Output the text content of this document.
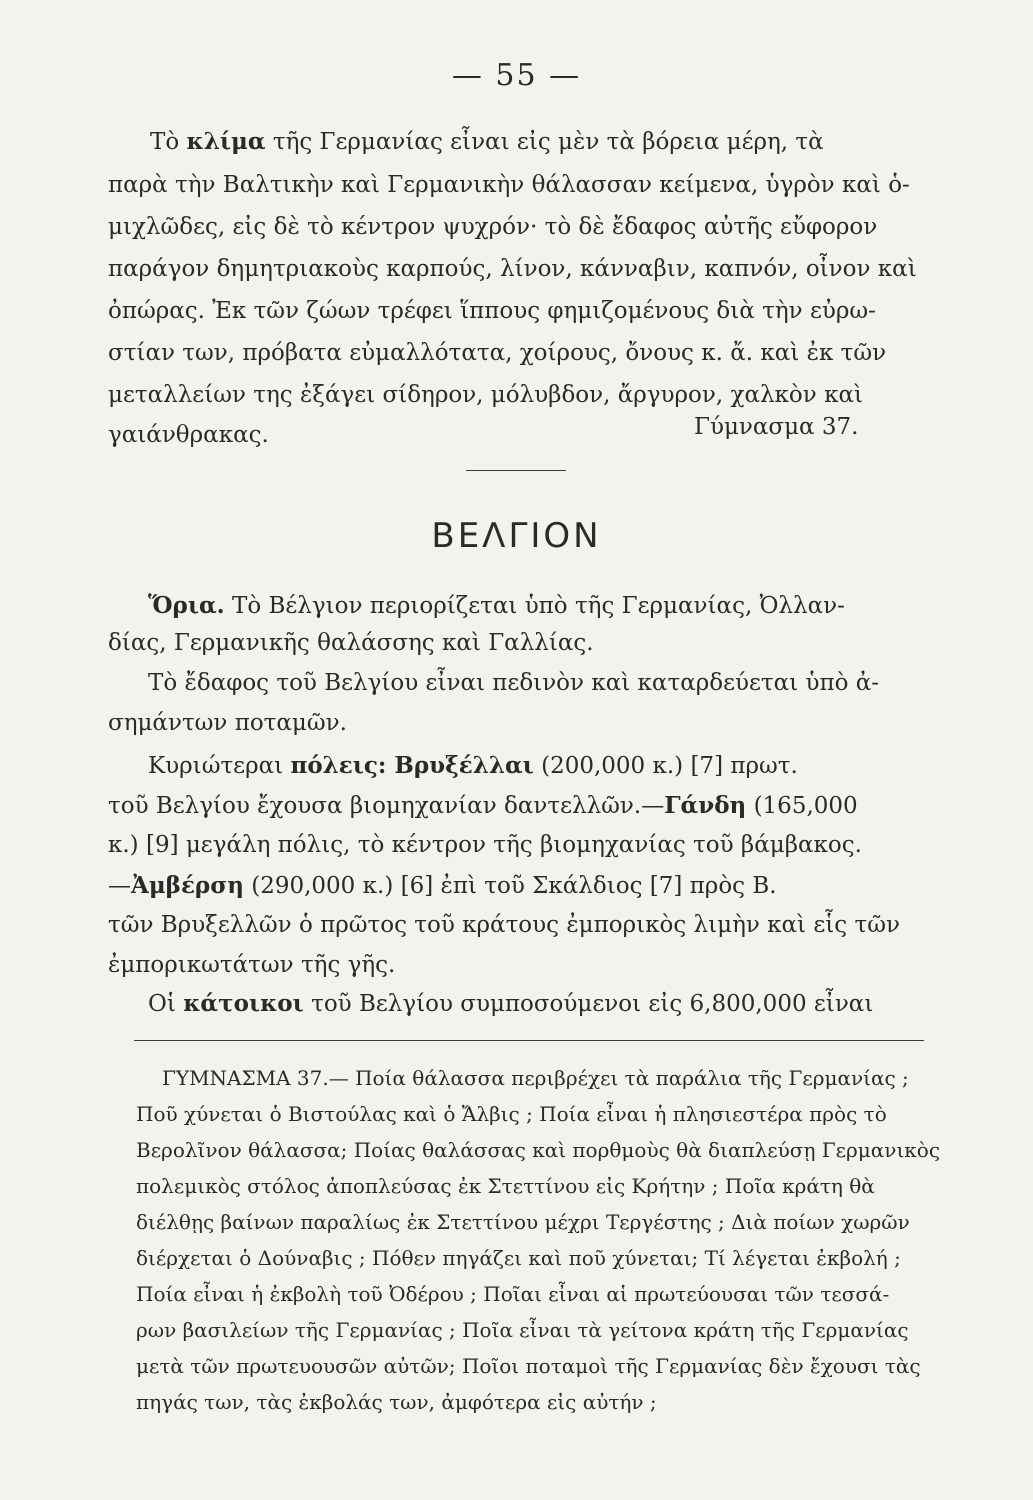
— 55 —
Τὸ κλίμα τῆς Γερμανίας εἶναι εἰς μὲν τὰ βόρεια μέρη, τὰ
παρὰ τὴν Βαλτικὴν καὶ Γερμανικὴν θάλασσαν κείμενα, ὑγρὸν καὶ ὁ-
μιχλῶδες, εἰς δὲ τὸ κέντρον ψυχρόν· τὸ δὲ ἔδαφος αὐτῆς εὔφορον
παράγον δημητριακοὺς καρπούς, λίνον, κάνναβιν, καπνόν, οἶνον καὶ
ὀπώρας. Ἐκ τῶν ζώων τρέφει ἵππους φημιζομένους διὰ τὴν εὐρω-
στίαν των, πρόβατα εὐμαλλότατα, χοίρους, ὄνους κ. ἄ. καὶ ἐκ τῶν
μεταλλείων της ἐξάγει σίδηρον, μόλυβδον, ἄργυρον, χαλκὸν καὶ
γαιάνθρακας.	Γύμνασμα 37.
ΒΕΛΓΙΟΝ
Ὅρια. Τὸ Βέλγιον περιορίζεται ὑπὸ τῆς Γερμανίας, Ὀλλαν-
δίας, Γερμανικῆς θαλάσσης καὶ Γαλλίας.
Τὸ ἔδαφος τοῦ Βελγίου εἶναι πεδινὸν καὶ καταρδεύεται ὑπὸ ἀ-
σημάντων ποταμῶν.
Κυριώτεραι πόλεις: Βρυξέλλαι (200,000 κ.) [7] πρωτ.
τοῦ Βελγίου ἔχουσα βιομηχανίαν δαντελλῶν.—Γάνδη (165,000
κ.) [9] μεγάλη πόλις, τὸ κέντρον τῆς βιομηχανίας τοῦ βάμβακος.
—Ἀμβέρση (290,000 κ.) [6] ἐπὶ τοῦ Σκάλδιος [7] πρὸς Β.
τῶν Βρυξελλῶν ὁ πρῶτος τοῦ κράτους ἐμπορικὸς λιμὴν καὶ εἷς τῶν
ἐμπορικωτάτων τῆς γῆς.
Οἱ κάτοικοι τοῦ Βελγίου συμποσούμενοι εἰς 6,800,000 εἶναι
ΓΥΜΝΑΣΜΑ 37.— Ποία θάλασσα περιβρέχει τὰ παράλια τῆς Γερμανίας ;
Ποῦ χύνεται ὁ Βιστούλας καὶ ὁ Ἄλβις ; Ποία εἶναι ἡ πλησιεστέρα πρὸς τὸ
Βερολῖνον θάλασσα; Ποίας θαλάσσας καὶ πορθμοὺς θὰ διαπλεύσῃ Γερμανικὸς
πολεμικὸς στόλος ἀποπλεύσας ἐκ Στεττίνου εἰς Κρήτην ; Ποῖα κράτη θὰ
διέλθῃς βαίνων παραλίως ἐκ Στεττίνου μέχρι Τεργέστης ; Διὰ ποίων χωρῶν
διέρχεται ὁ Δούναβις ; Πόθεν πηγάζει καὶ ποῦ χύνεται; Τί λέγεται ἐκβολή ;
Ποία εἶναι ἡ ἐκβολὴ τοῦ Ὀδέρου ; Ποῖαι εἶναι αἱ πρωτεύουσαι τῶν τεσσά-
ρων βασιλείων τῆς Γερμανίας ; Ποῖα εἶναι τὰ γείτονα κράτη τῆς Γερμανίας
μετὰ τῶν πρωτευουσῶν αὐτῶν; Ποῖοι ποταμοὶ τῆς Γερμανίας δὲν ἔχουσι τὰς
πηγάς των, τὰς ἐκβολάς των, ἀμφότερα εἰς αὐτήν ;
